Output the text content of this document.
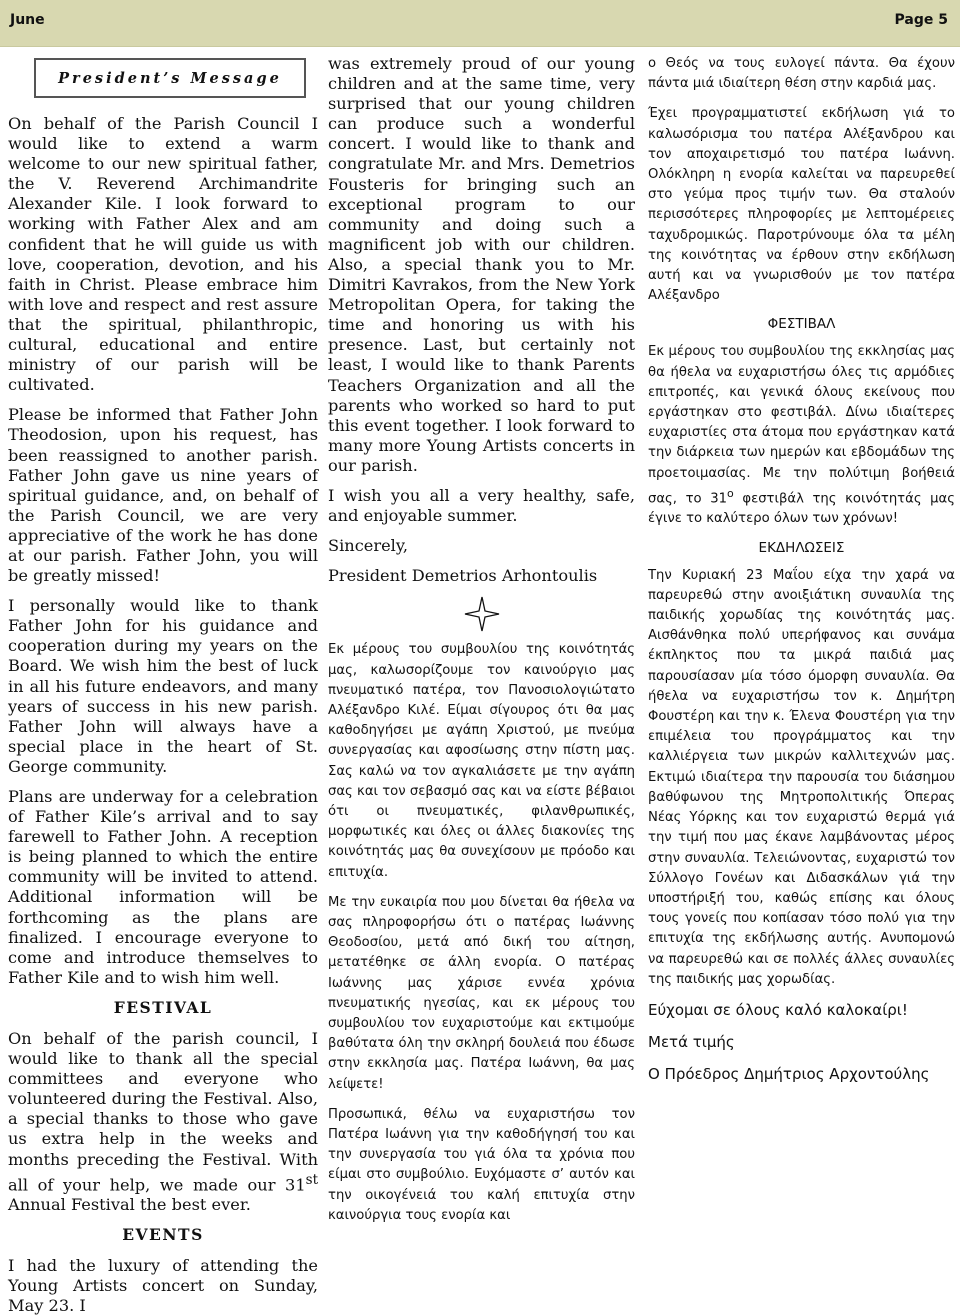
June	Page 5
President’s Message

On behalf of the Parish Council I would like to extend a warm welcome to our new spiritual father, the V. Reverend Archimandrite Alexander Kile. I look forward to working with Father Alex and am confident that he will guide us with love, cooperation, devotion, and his faith in Christ. Please embrace him with love and respect and rest assure that the spiritual, philanthropic, cultural, educational and entire ministry of our parish will be cultivated.

Please be informed that Father John Theodosion, upon his request, has been reassigned to another parish. Father John gave us nine years of spiritual guidance, and, on behalf of the Parish Council, we are very appreciative of the work he has done at our parish. Father John, you will be greatly missed!

I personally would like to thank Father John for his guidance and cooperation during my years on the Board. We wish him the best of luck in all his future endeavors, and many years of success in his new parish. Father John will always have a special place in the heart of St. George community.

Plans are underway for a celebration of Father Kile’s arrival and to say farewell to Father John. A reception is being planned to which the entire community will be invited to attend. Additional information will be forthcoming as the plans are finalized. I encourage everyone to come and introduce themselves to Father Kile and to wish him well.

FESTIVAL

On behalf of the parish council, I would like to thank all the special committees and everyone who volunteered during the Festival. Also, a special thanks to those who gave us extra help in the weeks and months preceding the Festival. With all of your help, we made our 31st Annual Festival the best ever.

EVENTS

I had the luxury of attending the Young Artists concert on Sunday, May 23. I

was extremely proud of our young children and at the same time, very surprised that our young children can produce such a wonderful concert. I would like to thank and congratulate Mr. and Mrs. Demetrios Fousteris for bringing such an exceptional program to our community and doing such a magnificent job with our children. Also, a special thank you to Mr. Dimitri Kavrakos, from the New York Metropolitan Opera, for taking the time and honoring us with his presence. Last, but certainly not least, I would like to thank Parents Teachers Organization and all the parents who worked so hard to put this event together. I look forward to many more Young Artists concerts in our parish.

I wish you all a very healthy, safe, and enjoyable summer.

Sincerely,

President Demetrios Arhontoulis

Εκ μέρους του συμβουλίου της κοινότητάς μας, καλωσορίζουμε τον καινούργιο μας πνευματικό πατέρα, τον Πανοσιολογιώτατο Αλέξανδρο Κιλέ. Είμαι σίγουρος ότι θα μας καθοδηγήσει με αγάπη Χριστού, με πνεύμα συνεργασίας και αφοσίωσης στην πίστη μας. Σας καλώ να τον αγκαλιάσετε με την αγάπη σας και τον σεβασμό σας και να είστε βέβαιοι ότι οι πνευματικές, φιλανθρωπικές, μορφωτικές και όλες οι άλλες διακονίες της κοινότητάς μας θα συνεχίσουν με πρόοδο και επιτυχία.

Με την ευκαιρία που μου δίνεται θα ήθελα να σας πληροφορήσω ότι ο πατέρας Ιωάννης Θεοδοσίου, μετά από δική του αίτηση, μετατέθηκε σε άλλη ενορία. Ο πατέρας Ιωάννης μας χάρισε εννέα χρόνια πνευματικής ηγεσίας, και εκ μέρους του συμβουλίου τον ευχαριστούμε και εκτιμούμε βαθύτατα όλη την σκληρή δουλειά που έδωσε στην εκκλησία μας. Πατέρα Ιωάννη, θα μας λείψετε!

Προσωπικά, θέλω να ευχαριστήσω τον Πατέρα Ιωάννη για την καθοδήγησή του και την συνεργασία του γιά όλα τα χρόνια που είμαι στο συμβούλιο. Ευχόμαστε σ’ αυτόν και την οικογένειά του καλή επιτυχία στην καινούργια τους ενορία και

ο Θεός να τους ευλογεί πάντα. Θα έχουν πάντα μιά ιδιαίτερη θέση στην καρδιά μας.

Έχει προγραμματιστεί εκδήλωση γιά το καλωσόρισμα του πατέρα Αλέξανδρου και τον αποχαιρετισμό του πατέρα Ιωάννη. Ολόκληρη η ενορία καλείται να παρευρεθεί στο γεύμα προς τιμήν των. Θα σταλούν περισσότερες πληροφορίες με λεπτομέρειες ταχυδρομικώς. Παροτρύνουμε όλα τα μέλη της κοινότητας να έρθουν στην εκδήλωση αυτή και να γνωρισθούν με τον πατέρα Αλέξανδρο

ΦΕΣΤΙΒΑΛ

Εκ μέρους του συμβουλίου της εκκλησίας μας θα ήθελα να ευχαριστήσω όλες τις αρμόδιες επιτροπές, και γενικά όλους εκείνους που εργάστηκαν στο φεστιβάλ. Δίνω ιδιαίτερες ευχαριστίες στα άτομα που εργάστηκαν κατά την διάρκεια των ημερών και εβδομάδων της προετοιμασίας. Με την πολύτιμη βοήθειά σας, το $31^o$ φεστιβάλ της κοινότητάς μας έγινε το καλύτερο όλων των χρόνων!

ΕΚΔΗΛΩΣΕΙΣ

Την Κυριακή 23 Μαΐου είχα την χαρά να παρευρεθώ στην ανοιξιάτικη συναυλία της παιδικής χορωδίας της κοινότητάς μας. Αισθάνθηκα πολύ υπερήφανος και συνάμα έκπληκτος που τα μικρά παιδιά μας παρουσίασαν μία τόσο όμορφη συναυλία. Θα ήθελα να ευχαριστήσω τον κ. Δημήτρη Φουστέρη και την κ. Έλενα Φουστέρη για την επιμέλεια του προγράμματος και την καλλιέργεια των μικρών καλλιτεχνών μας. Εκτιμώ ιδιαίτερα την παρουσία του διάσημου βαθύφωνου της Μητροπολιτικής Όπερας Νέας Υόρκης και τον ευχαριστώ θερμά γιά την τιμή που μας έκανε λαμβάνοντας μέρος στην συναυλία. Τελειώνοντας, ευχαριστώ τον Σύλλογο Γονέων και Διδασκάλων γιά την υποστήριξή του, καθώς επίσης και όλους τους γονείς που κοπίασαν τόσο πολύ για την επιτυχία της εκδήλωσης αυτής. Ανυπομονώ να παρευρεθώ και σε πολλές άλλες συναυλίες της παιδικής μας χορωδίας.

Εύχομαι σε όλους καλό καλοκαίρι!

Μετά τιμής

Ο Πρόεδρος Δημήτριος Αρχοντούλης
